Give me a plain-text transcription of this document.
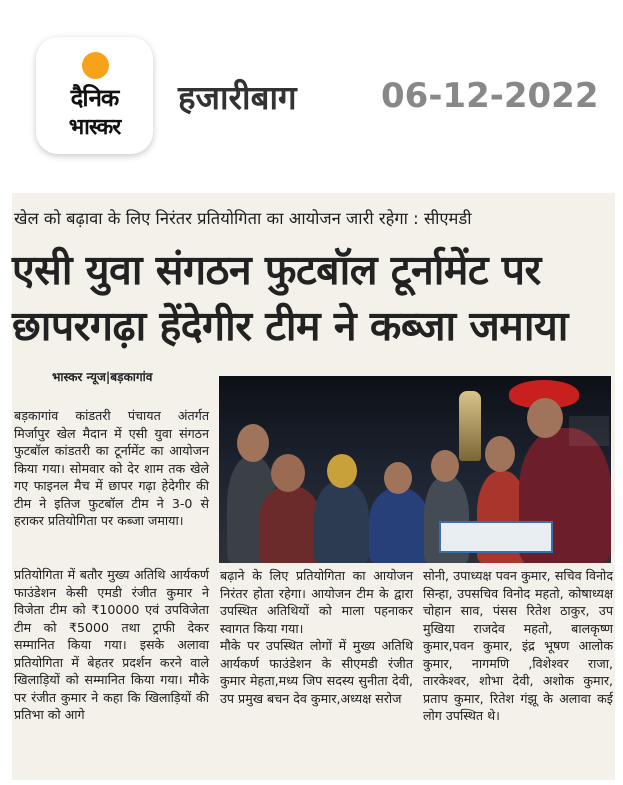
दैनिक
भास्कर
हजारीबाग 06-12-2022
खेल को बढ़ावा के लिए निरंतर प्रतियोगिता का आयोजन जारी रहेगा : सीएमडी
एसी युवा संगठन फुटबॉल टूर्नामेंट पर
छापरगढ़ा हेंदेगीर टीम ने कब्जा जमाया
भास्कर न्यूज|बड़कागांव

बड़कागांव कांडतरी पंचायत अंतर्गत मिर्जापुर खेल मैदान में एसी युवा संगठन फुटबॉल कांडतरी का टूर्नामेंट का आयोजन किया गया। सोमवार को देर शाम तक खेले गए फाइनल मैच में छापर गढ़ा हेदेगीर की टीम ने इतिज फुटबॉल टीम ने 3-0 से हराकर प्रतियोगिता पर कब्जा जमाया।

प्रतियोगिता में बतौर मुख्य अतिथि आर्यकर्ण फाउंडेशन केसी एमडी रंजीत कुमार ने विजेता टीम को ₹10000 एवं उपविजेता टीम को ₹5000 तथा ट्राफी देकर सम्मानित किया गया। इसके अलावा प्रतियोगिता में बेहतर प्रदर्शन करने वाले खिलाड़ियों को सम्मानित किया गया। मौके पर रंजीत कुमार ने कहा कि खिलाड़ियों की प्रतिभा को आगे

बढ़ाने के लिए प्रतियोगिता का आयोजन निरंतर होता रहेगा। आयोजन टीम के द्वारा उपस्थित अतिथियों को माला पहनाकर स्वागत किया गया।

मौके पर उपस्थित लोगों में मुख्य अतिथि आर्यकर्ण फाउंडेशन के सीएमडी रंजीत कुमार मेहता,मध्य जिप सदस्य सुनीता देवी, उप प्रमुख बचन देव कुमार,अध्यक्ष सरोज

सोनी, उपाध्यक्ष पवन कुमार, सचिव विनोद सिन्हा, उपसचिव विनोद महतो, कोषाध्यक्ष चोहान साव, पंसस रितेश ठाकुर, उप मुखिया राजदेव महतो, बालकृष्ण कुमार,पवन कुमार, इंद्र भूषण आलोक कुमार, नागमणि ,विशेश्वर राजा, तारकेश्वर, शोभा देवी, अशोक कुमार, प्रताप कुमार, रितेश गंझू के अलावा कई लोग उपस्थित थे।
